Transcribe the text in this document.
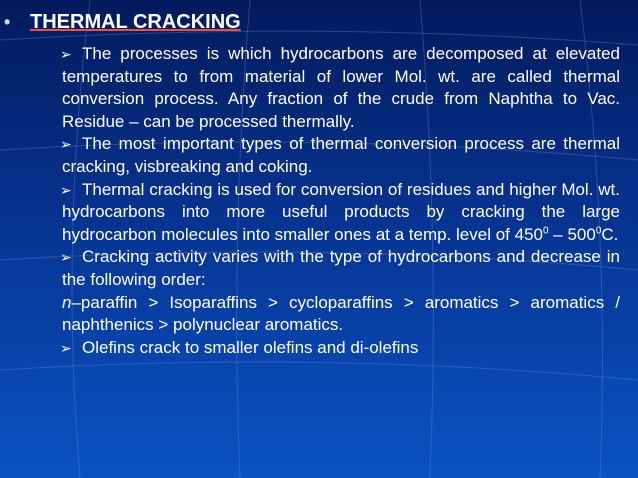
• THERMAL CRACKING

➢ The processes is which hydrocarbons are decomposed at elevated temperatures to from material of lower Mol. wt. are called thermal conversion process. Any fraction of the crude from Naphtha to Vac. Residue – can be processed thermally.

➢ The most important types of thermal conversion process are thermal cracking, visbreaking and coking.

➢ Thermal cracking is used for conversion of residues and higher Mol. wt. hydrocarbons into more useful products by cracking the large hydrocarbon molecules into smaller ones at a temp. level of $450^0 - 500^0C$.

➢ Cracking activity varies with the type of hydrocarbons and decrease in the following order:

n–paraffin > Isoparaffins > cycloparaffins > aromatics > aromatics / naphthenics > polynuclear aromatics.

➢ Olefins crack to smaller olefins and di-olefins
